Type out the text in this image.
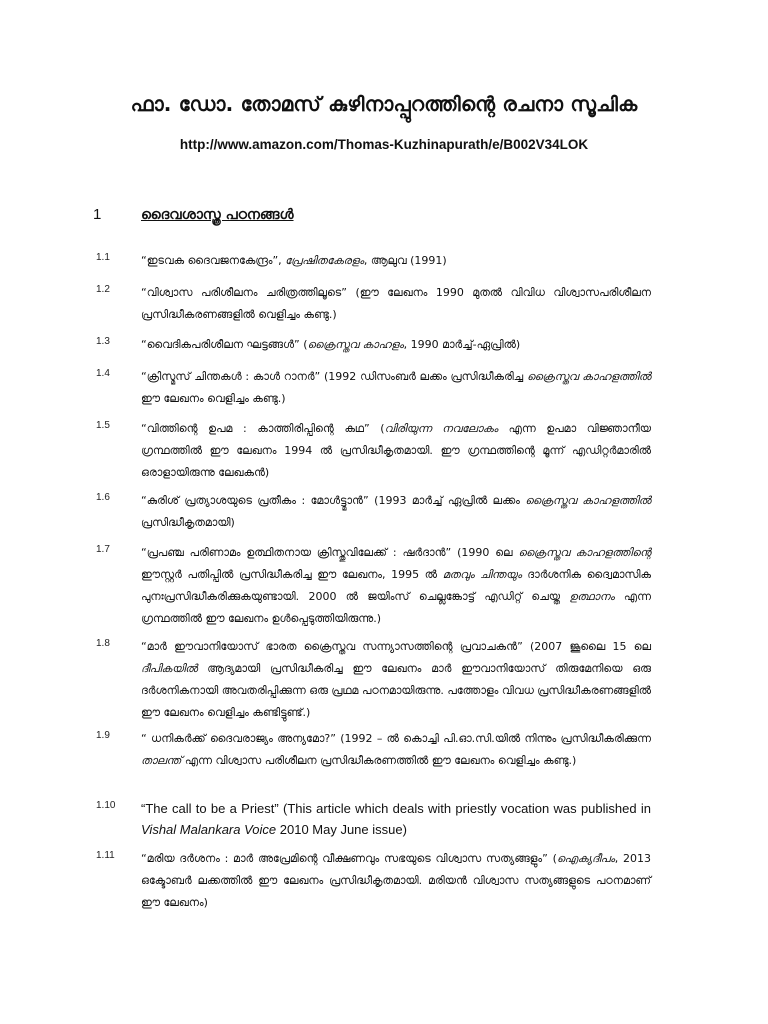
ഫാ. ഡോ. തോമസ് കുഴിനാപ്പുറത്തിന്റെ രചനാ സൂചിക
http://www.amazon.com/Thomas-Kuzhinapurath/e/B002V34LOK
1	ദൈവശാസ്ത്ര പഠനങ്ങൾ
1.1	“ഇടവക ദൈവജനകേന്ദ്രം”, പ്രേഷിതകേരളം, ആലുവ (1991)
1.2	“വിശ്വാസ പരിശീലനം ചരിത്രത്തിലൂടെ” (ഈ ലേഖനം 1990 മുതൽ വിവിധ വിശ്വാസപരിശീലന പ്രസിദ്ധീകരണങ്ങളിൽ വെളിച്ചം കണ്ടു.)
1.3	“വൈദികപരിശീലന ഘട്ടങ്ങൾ” (ക്രൈസ്തവ കാഹളം, 1990 മാർച്ച്-ഏപ്രിൽ)
1.4	“ക്രിസ്മസ് ചിന്തകൾ : കാൾ റാനർ” (1992 ഡിസംബർ ലക്കം പ്രസിദ്ധീകരിച്ച ക്രൈസ്തവ കാഹളത്തിൽ ഈ ലേഖനം വെളിച്ചം കണ്ടു.)
1.5	“വിത്തിന്റെ ഉപമ : കാത്തിരിപ്പിന്റെ കഥ” (വിരിയുന്ന നവലോകം എന്ന ഉപമാ വിജ്ഞാനീയ ഗ്രന്ഥത്തിൽ ഈ ലേഖനം 1994 ൽ പ്രസിദ്ധീകൃതമായി. ഈ ഗ്രന്ഥത്തിന്റെ മൂന്ന് എഡിറ്റർമാരിൽ ഒരാളായിരുന്നു ലേഖകൻ)
1.6	“കുരിശ് പ്രത്യാശയുടെ പ്രതീകം : മോൾട്ട്മാൻ” (1993 മാർച്ച് ഏപ്രിൽ ലക്കം ക്രൈസ്തവ കാഹളത്തിൽ പ്രസിദ്ധീകൃതമായി)
1.7	“പ്രപഞ്ച പരിണാമം ഉത്ഥിതനായ ക്രിസ്തുവിലേക്ക് : ഷർദാൻ” (1990 ലെ ക്രൈസ്തവ കാഹളത്തിന്റെ ഈസ്റ്റർ പതിപ്പിൽ പ്രസിദ്ധീകരിച്ച ഈ ലേഖനം, 1995 ൽ മതവും ചിന്തയും ദാർശനിക ദ്വൈമാസിക പുനഃപ്രസിദ്ധീകരിക്കുകയുണ്ടായി. 2000 ൽ ജയിംസ് ചെല്ലങ്കോട്ട് എഡിറ്റ് ചെയ്ത ഉത്ഥാനം എന്ന ഗ്രന്ഥത്തിൽ ഈ ലേഖനം ഉൾപ്പെടുത്തിയിരുന്നു.)
1.8	“മാർ ഈവാനിയോസ് ഭാരത ക്രൈസ്തവ സന്ന്യാസത്തിന്റെ പ്രവാചകൻ” (2007 ജൂലൈ 15 ലെ ദീപികയിൽ ആദ്യമായി പ്രസിദ്ധീകരിച്ച ഈ ലേഖനം മാർ ഈവാനിയോസ് തിരുമേനിയെ ഒരു ദർശനികനായി അവതരിപ്പിക്കുന്ന ഒരു പ്രഥമ പഠനമായിരുന്നു. പത്തോളം വിവധ പ്രസിദ്ധീകരണങ്ങളിൽ ഈ ലേഖനം വെളിച്ചം കണ്ടിട്ടുണ്ട്.)
1.9	“ ധനികർക്ക് ദൈവരാജ്യം അന്യമോ?” (1992 – ൽ കൊച്ചി പി.ഓ.സി.യിൽ നിന്നും പ്രസിദ്ധീകരിക്കുന്ന താലന്ത് എന്ന വിശ്വാസ പരിശീലന പ്രസിദ്ധീകരണത്തിൽ ഈ ലേഖനം വെളിച്ചം കണ്ടു.)
1.10 “The call to be a Priest” (This article which deals with priestly vocation was published in Vishal Malankara Voice 2010 May June issue)
1.11 “മരിയ ദർശനം : മാർ അപ്രേമിന്റെ വീക്ഷണവും സഭയുടെ വിശ്വാസ സത്യങ്ങളും” (ഐക്യദീപം, 2013 ഒക്ടോബർ ലക്കത്തിൽ ഈ ലേഖനം പ്രസിദ്ധീകൃതമായി. മരിയൻ വിശ്വാസ സത്യങ്ങളുടെ പഠനമാണ് ഈ ലേഖനം)
